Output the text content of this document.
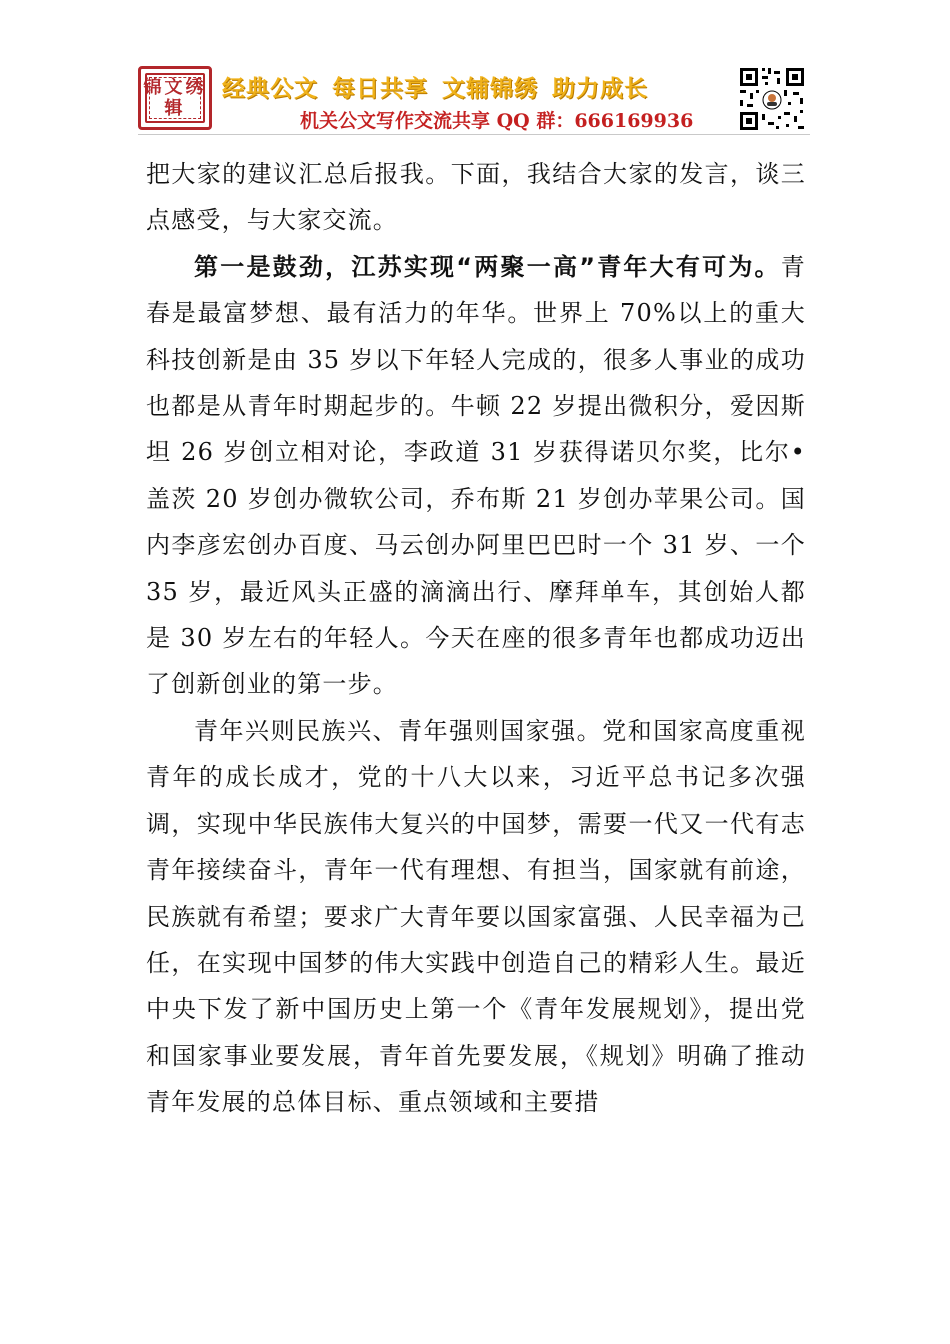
锦文绣辑
经典公文 每日共享 文辅锦绣 助力成长
机关公文写作交流共享 QQ 群：666169936

把大家的建议汇总后报我。下面，我结合大家的发言，谈三点感受，与大家交流。

第一是鼓劲，江苏实现“两聚一高”青年大有可为。青春是最富梦想、最有活力的年华。世界上 70%以上的重大科技创新是由 35 岁以下年轻人完成的，很多人事业的成功也都是从青年时期起步的。牛顿 22 岁提出微积分，爱因斯坦 26 岁创立相对论，李政道 31 岁获得诺贝尔奖，比尔•盖茨 20 岁创办微软公司，乔布斯 21 岁创办苹果公司。国内李彦宏创办百度、马云创办阿里巴巴时一个 31 岁、一个 35 岁，最近风头正盛的滴滴出行、摩拜单车，其创始人都是 30 岁左右的年轻人。今天在座的很多青年也都成功迈出了创新创业的第一步。

青年兴则民族兴、青年强则国家强。党和国家高度重视青年的成长成才，党的十八大以来，习近平总书记多次强调，实现中华民族伟大复兴的中国梦，需要一代又一代有志青年接续奋斗，青年一代有理想、有担当，国家就有前途，民族就有希望；要求广大青年要以国家富强、人民幸福为己任，在实现中国梦的伟大实践中创造自己的精彩人生。最近中央下发了新中国历史上第一个《青年发展规划》，提出党和国家事业要发展，青年首先要发展，《规划》明确了推动青年发展的总体目标、重点领域和主要措
